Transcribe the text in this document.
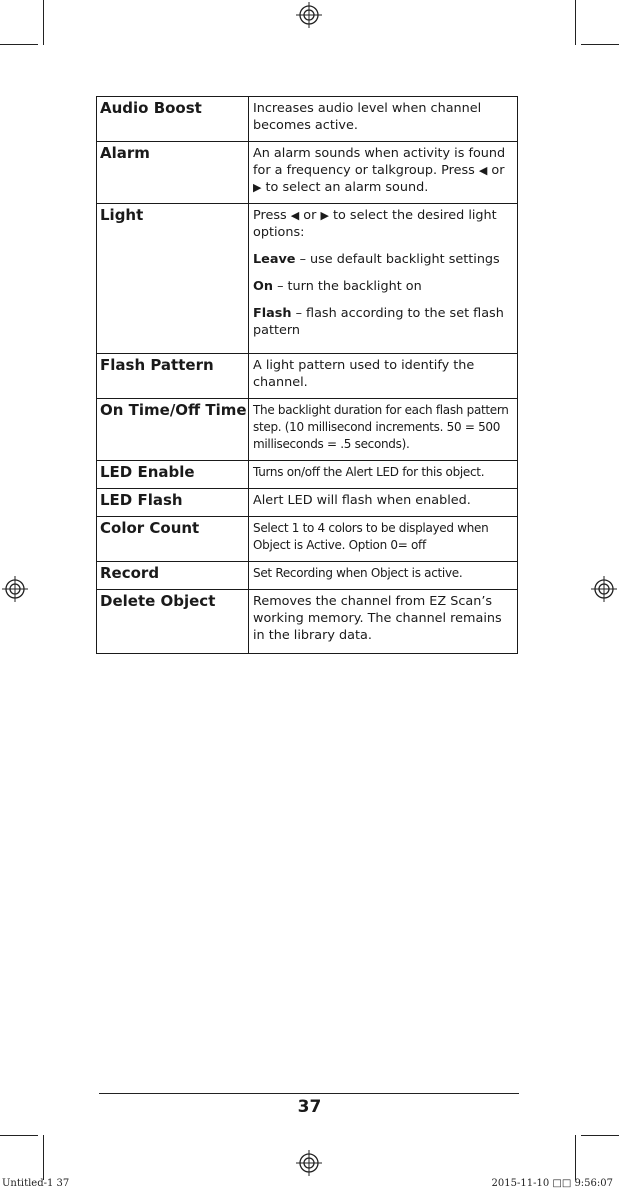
Audio Boost	Increases audio level when channel becomes active.
Alarm	An alarm sounds when activity is found for a frequency or talkgroup. Press ◀ or ▶ to select an alarm sound.
Light	Press ◀ or ▶ to select the desired light options:
Leave – use default backlight settings
On – turn the backlight on
Flash – flash according to the set flash pattern

Flash Pattern	A light pattern used to identify the channel.
On Time/Off Time	The backlight duration for each flash pattern step. (10 millisecond increments. 50 = 500 milliseconds = .5 seconds).
LED Enable	Turns on/off the Alert LED for this object.
LED Flash	Alert LED will flash when enabled.
Color Count	Select 1 to 4 colors to be displayed when Object is Active. Option 0= off
Record	Set Recording when Object is active.
Delete Object	Removes the channel from EZ Scan’s working memory. The channel remains in the library data.
37
Untitled-1 37	2015-11-10 □□ 9:56:07
